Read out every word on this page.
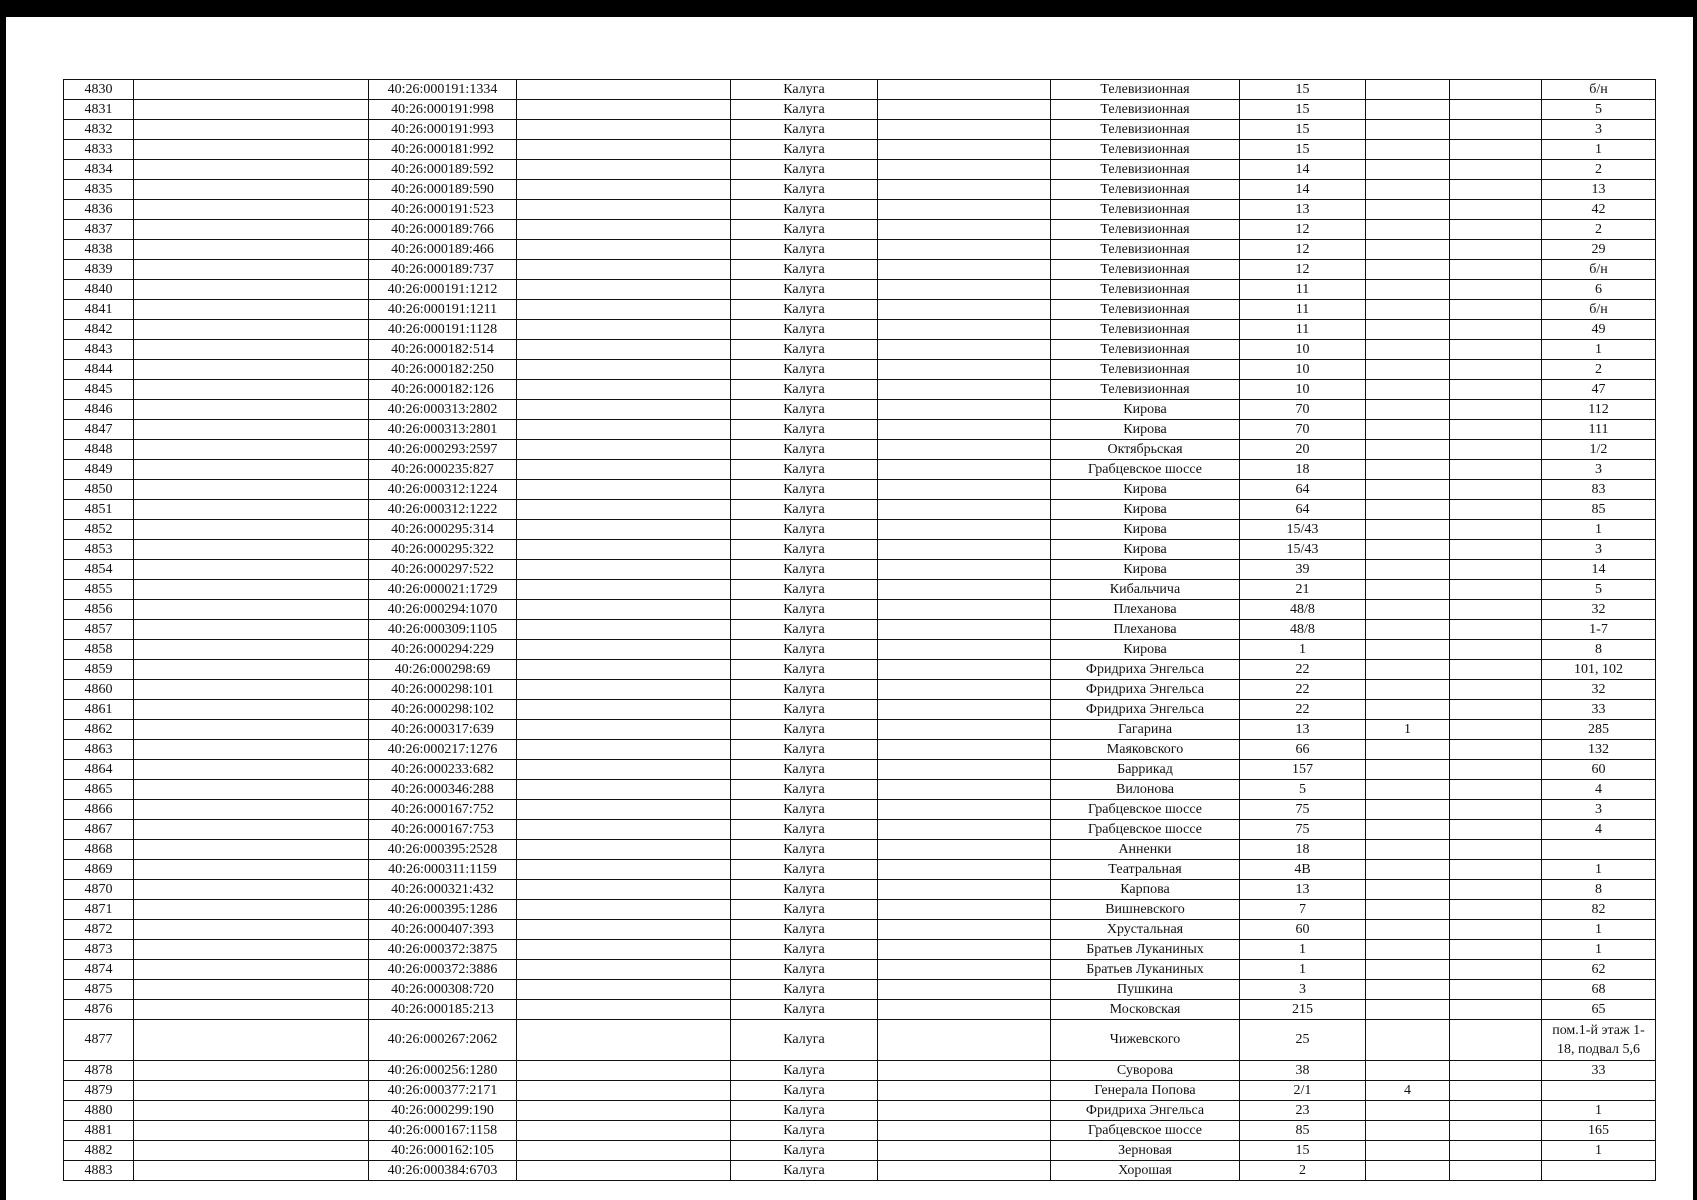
4830		40:26:000191:1334		Калуга		Телевизионная	15			б/н
4831		40:26:000191:998		Калуга		Телевизионная	15			5
4832		40:26:000191:993		Калуга		Телевизионная	15			3
4833		40:26:000181:992		Калуга		Телевизионная	15			1
4834		40:26:000189:592		Калуга		Телевизионная	14			2
4835		40:26:000189:590		Калуга		Телевизионная	14			13
4836		40:26:000191:523		Калуга		Телевизионная	13			42
4837		40:26:000189:766		Калуга		Телевизионная	12			2
4838		40:26:000189:466		Калуга		Телевизионная	12			29
4839		40:26:000189:737		Калуга		Телевизионная	12			б/н
4840		40:26:000191:1212		Калуга		Телевизионная	11			6
4841		40:26:000191:1211		Калуга		Телевизионная	11			б/н
4842		40:26:000191:1128		Калуга		Телевизионная	11			49
4843		40:26:000182:514		Калуга		Телевизионная	10			1
4844		40:26:000182:250		Калуга		Телевизионная	10			2
4845		40:26:000182:126		Калуга		Телевизионная	10			47
4846		40:26:000313:2802		Калуга		Кирова	70			112
4847		40:26:000313:2801		Калуга		Кирова	70			111
4848		40:26:000293:2597		Калуга		Октябрьская	20			1/2
4849		40:26:000235:827		Калуга		Грабцевское шоссе	18			3
4850		40:26:000312:1224		Калуга		Кирова	64			83
4851		40:26:000312:1222		Калуга		Кирова	64			85
4852		40:26:000295:314		Калуга		Кирова	15/43			1
4853		40:26:000295:322		Калуга		Кирова	15/43			3
4854		40:26:000297:522		Калуга		Кирова	39			14
4855		40:26:000021:1729		Калуга		Кибальчича	21			5
4856		40:26:000294:1070		Калуга		Плеханова	48/8			32
4857		40:26:000309:1105		Калуга		Плеханова	48/8			1-7
4858		40:26:000294:229		Калуга		Кирова	1			8
4859		40:26:000298:69		Калуга		Фридриха Энгельса	22			101, 102
4860		40:26:000298:101		Калуга		Фридриха Энгельса	22			32
4861		40:26:000298:102		Калуга		Фридриха Энгельса	22			33
4862		40:26:000317:639		Калуга		Гагарина	13	1		285
4863		40:26:000217:1276		Калуга		Маяковского	66			132
4864		40:26:000233:682		Калуга		Баррикад	157			60
4865		40:26:000346:288		Калуга		Вилонова	5			4
4866		40:26:000167:752		Калуга		Грабцевское шоссе	75			3
4867		40:26:000167:753		Калуга		Грабцевское шоссе	75			4
4868		40:26:000395:2528		Калуга		Анненки	18			
4869		40:26:000311:1159		Калуга		Театральная	4В			1
4870		40:26:000321:432		Калуга		Карпова	13			8
4871		40:26:000395:1286		Калуга		Вишневского	7			82
4872		40:26:000407:393		Калуга		Хрустальная	60			1
4873		40:26:000372:3875		Калуга		Братьев Луканиных	1			1
4874		40:26:000372:3886		Калуга		Братьев Луканиных	1			62
4875		40:26:000308:720		Калуга		Пушкина	3			68
4876		40:26:000185:213		Калуга		Московская	215			65
4877		40:26:000267:2062		Калуга		Чижевского	25			пом.1-й этаж 1-18, подвал 5,6
4878		40:26:000256:1280		Калуга		Суворова	38			33
4879		40:26:000377:2171		Калуга		Генерала Попова	2/1	4		
4880		40:26:000299:190		Калуга		Фридриха Энгельса	23			1
4881		40:26:000167:1158		Калуга		Грабцевское шоссе	85			165
4882		40:26:000162:105		Калуга		Зерновая	15			1
4883		40:26:000384:6703		Калуга		Хорошая	2			
